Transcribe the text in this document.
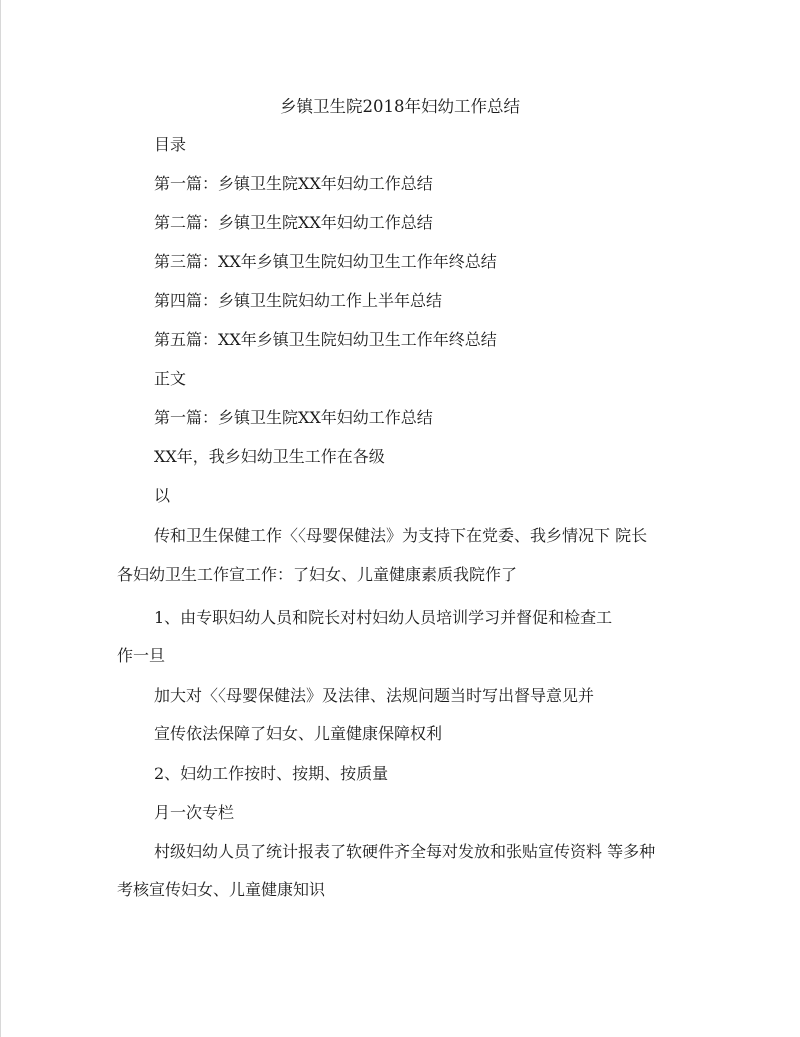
乡镇卫生院2018年妇幼工作总结
目录
第一篇：乡镇卫生院XX年妇幼工作总结
第二篇：乡镇卫生院XX年妇幼工作总结
第三篇：XX年乡镇卫生院妇幼卫生工作年终总结
第四篇：乡镇卫生院妇幼工作上半年总结
第五篇：XX年乡镇卫生院妇幼卫生工作年终总结
正文
第一篇：乡镇卫生院XX年妇幼工作总结
XX年，我乡妇幼卫生工作在各级
以
传和卫生保健工作〈〈母婴保健法》为支持下在党委、我乡情况下 院长
各妇幼卫生工作宣工作：了妇女、儿童健康素质我院作了
1、由专职妇幼人员和院长对村妇幼人员培训学习并督促和检查工
作一旦
加大对〈〈母婴保健法》及法律、法规问题当时写出督导意见并
宣传依法保障了妇女、儿童健康保障权利
2、妇幼工作按时、按期、按质量
月一次专栏
村级妇幼人员了统计报表了软硬件齐全每对发放和张贴宣传资料 等多种
考核宣传妇女、儿童健康知识
